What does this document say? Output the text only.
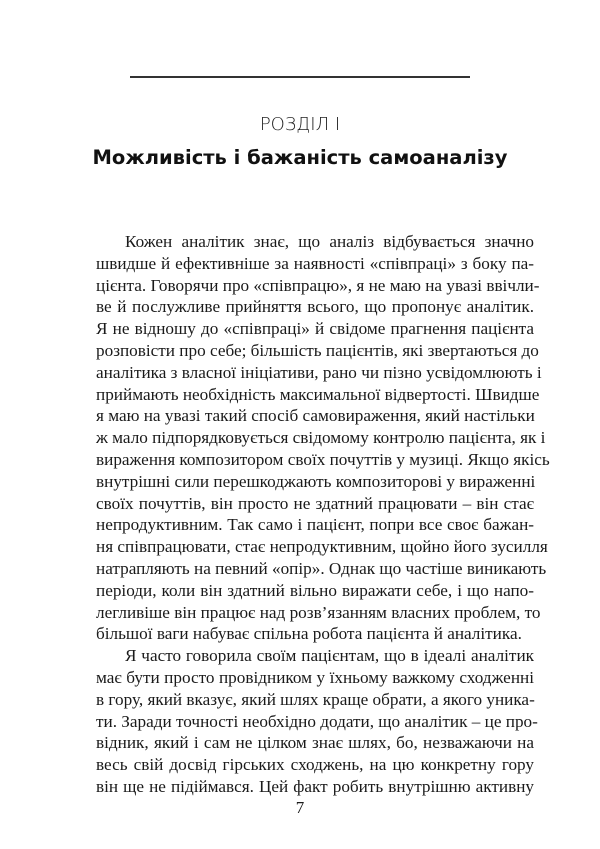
РОЗДІЛ І
Можливість і бажаність самоаналізу
Кожен аналітик знає, що аналіз відбувається значно
швидше й ефективніше за наявності «співпраці» з боку па-
цієнта. Говорячи про «співпрацю», я не маю на увазі ввічли-
ве й послужливе прийняття всього, що пропонує аналітик.
Я не відношу до «співпраці» й свідоме прагнення пацієнта
розповісти про себе; більшість пацієнтів, які звертаються до
аналітика з власної ініціативи, рано чи пізно усвідомлюють і
приймають необхідність максимальної відвертості. Швидше
я маю на увазі такий спосіб самовираження, який настільки
ж мало підпорядковується свідомому контролю пацієнта, як і
вираження композитором своїх почуттів у музиці. Якщо якісь
внутрішні сили перешкоджають композиторові у вираженні
своїх почуттів, він просто не здатний працювати – він стає
непродуктивним. Так само і пацієнт, попри все своє бажан-
ня співпрацювати, стає непродуктивним, щойно його зусилля
натрапляють на певний «опір». Однак що частіше виникають
періоди, коли він здатний вільно виражати себе, і що напо-
легливіше він працює над розв’язанням власних проблем, то
більшої ваги набуває спільна робота пацієнта й аналітика.
Я часто говорила своїм пацієнтам, що в ідеалі аналітик
має бути просто провідником у їхньому важкому сходженні
в гору, який вказує, який шлях краще обрати, а якого уника-
ти. Заради точності необхідно додати, що аналітик – це про-
відник, який і сам не цілком знає шлях, бо, незважаючи на
весь свій досвід гірських сходжень, на цю конкретну гору
він ще не підіймався. Цей факт робить внутрішню активну
7
